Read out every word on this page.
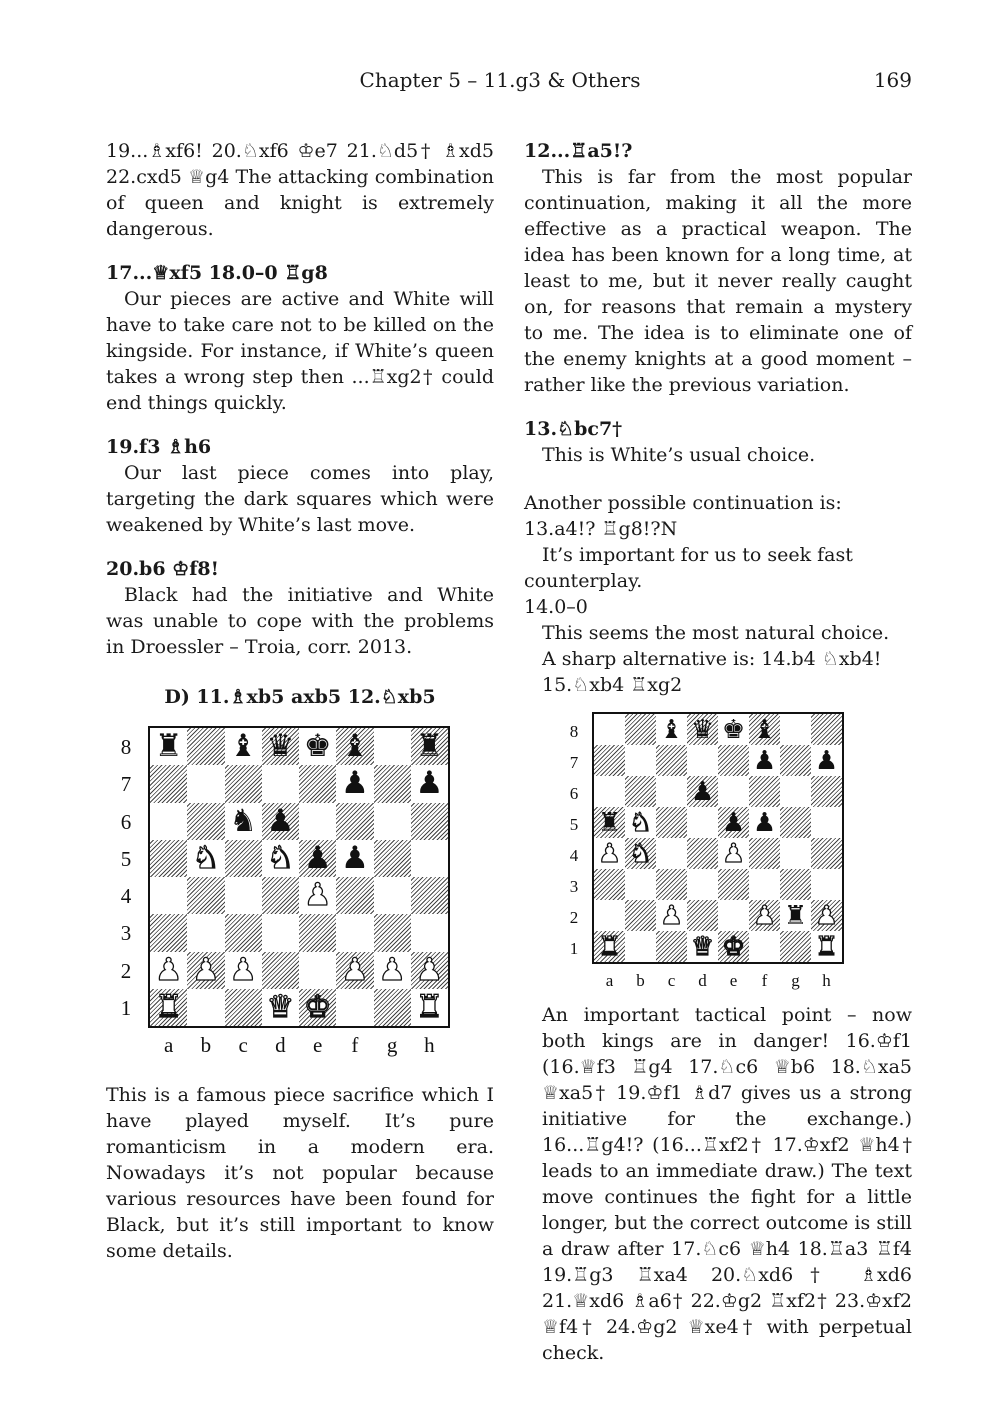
Chapter 5 – 11.g3 & Others	169

19...♗xf6! 20.♘xf6 ♔e7 21.♘d5† ♗xd5 22.cxd5 ♕g4 The attacking combination of queen and knight is extremely dangerous.

17...♕xf5 18.0–0 ♖g8

Our pieces are active and White will have to take care not to be killed on the kingside. For instance, if White’s queen takes a wrong step then ...♖xg2† could end things quickly.

19.f3 ♗h6

Our last piece comes into play, targeting the dark squares which were weakened by White’s last move.

20.b6 ♔f8!

Black had the initiative and White was unable to cope with the problems in Droessler – Troia, corr. 2013.

D) 11.♗xb5 axb5 12.♘xb5

♜ ♝ ♛ ♚ ♝ ♜
♟ ♟
♞ ♟
♞ ♞ ♟ ♟
♟
♟ ♟ ♟	♟ ♟ ♟
♜	♛ ♚	♜
8
7
6
5
4
3
2
1
a	b	c	d	e	f	g	h

This is a famous piece sacrifice which I have played myself. It’s pure romanticism in a modern era. Nowadays it’s not popular because various resources have been found for Black, but it’s still important to know some details.

12...♖a5!?

This is far from the most popular continuation, making it all the more effective as a practical weapon. The idea has been known for a long time, at least to me, but it never really caught on, for reasons that remain a mystery to me. The idea is to eliminate one of the enemy knights at a good moment – rather like the previous variation.

13.♘bc7†

This is White’s usual choice.

Another possible continuation is:

13.a4!? ♖g8!?N

It’s important for us to seek fast counterplay.

14.0–0

This seems the most natural choice.

A sharp alternative is: 14.b4 ♘xb4! 15.♘xb4 ♖xg2

♝ ♛ ♚ ♝
♟ ♟
♟
♜ ♞	♟ ♟
♟ ♞	♟
♟	♟ ♜ ♟
♜	♛ ♚	♜
8
7
6
5
4
3
2
1
a	b	c	d	e	f	g	h

An important tactical point – now both kings are in danger! 16.♔f1 (16.♕f3 ♖g4 17.♘c6 ♕b6 18.♘xa5 ♕xa5† 19.♔f1 ♗d7 gives us a strong initiative for the exchange.) 16...♖g4!? (16...♖xf2† 17.♔xf2 ♕h4† leads to an immediate draw.) The text move continues the fight for a little longer, but the correct outcome is still a draw after 17.♘c6 ♕h4 18.♖a3 ♖f4 19.♖g3 ♖xa4 20.♘xd6† ♗xd6 21.♕xd6 ♗a6† 22.♔g2 ♖xf2† 23.♔xf2 ♕f4† 24.♔g2 ♕xe4† with perpetual check.
